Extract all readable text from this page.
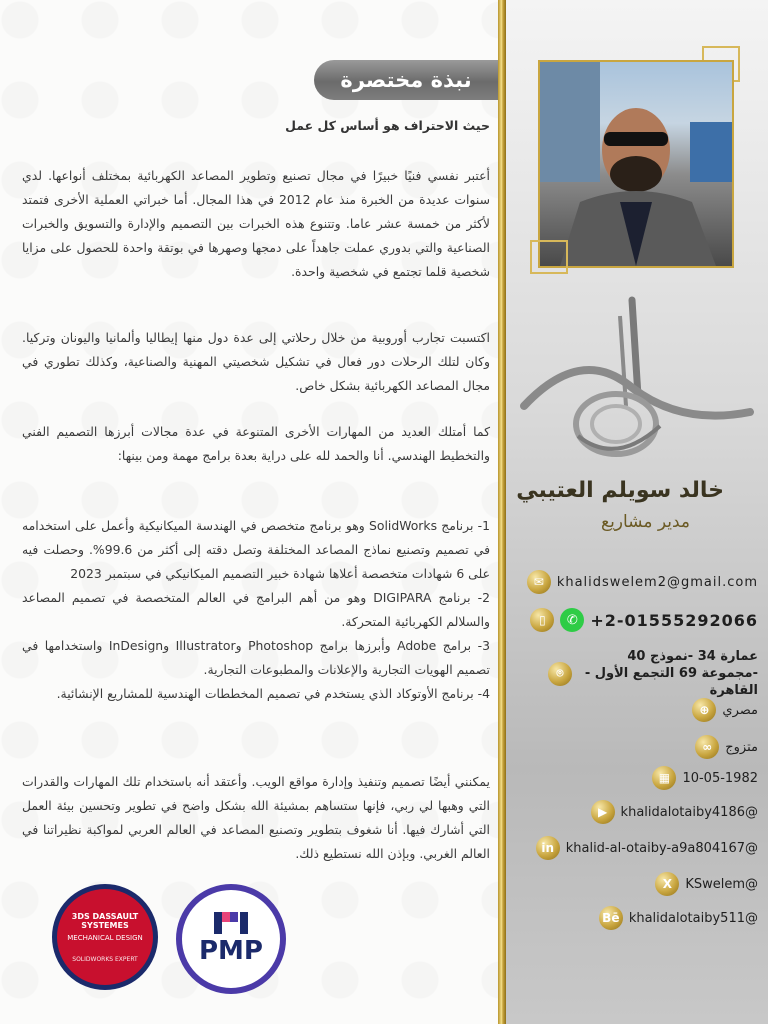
نبذة مختصرة
حيث الاحتراف هو أساس كل عمل
أعتبر نفسي فنيًا خبيرًا في مجال تصنيع وتطوير المصاعد الكهربائية بمختلف أنواعها. لدي سنوات عديدة من الخبرة منذ عام 2012 في هذا المجال. أما خبراتي العملية الأخرى فتمتد لأكثر من خمسة عشر عاما. وتتنوع هذه الخبرات بين التصميم والإدارة والتسويق والخبرات الصناعية والتي بدوري عملت جاهداً على دمجها وصهرها في بوتقة واحدة للحصول على مزايا شخصية قلما تجتمع في شخصية واحدة.
اكتسبت تجارب أوروبية من خلال رحلاتي إلى عدة دول منها إيطاليا وألمانيا واليونان وتركيا. وكان لتلك الرحلات دور فعال في تشكيل شخصيتي المهنية والصناعية، وكذلك تطوري في مجال المصاعد الكهربائية بشكل خاص.
كما أمتلك العديد من المهارات الأخرى المتنوعة في عدة مجالات أبرزها التصميم الفني والتخطيط الهندسي. أنا والحمد لله على دراية بعدة برامج مهمة ومن بينها:
1- برنامج SolidWorks وهو برنامج متخصص في الهندسة الميكانيكية وأعمل على استخدامه في تصميم وتصنيع نماذج المصاعد المختلفة وتصل دقته إلى أكثر من 99.6%. وحصلت فيه على 6 شهادات متخصصة أعلاها شهادة خبير التصميم الميكانيكي في سبتمبر 2023
2- برنامج DIGIPARA وهو من أهم البرامج في العالم المتخصصة في تصميم المصاعد والسلالم الكهربائية المتحركة.
3- برامج Adobe وأبرزها برامج Photoshop وIllustrator وInDesign واستخدامها في تصميم الهويات التجارية والإعلانات والمطبوعات التجارية.
4- برنامج الأوتوكاد الذي يستخدم في تصميم المخططات الهندسية للمشاريع الإنشائية.
يمكنني أيضًا تصميم وتنفيذ وإدارة مواقع الويب. وأعتقد أنه باستخدام تلك المهارات والقدرات التي وهبها لي ربي، فإنها ستساهم بمشيئة الله بشكل واضح في تطوير وتحسين بيئة العمل التي أشارك فيها. أنا شغوف بتطوير وتصنيع المصاعد في العالم العربي لمواكبة نظيراتنا في العالم الغربي. وبإذن الله نستطيع ذلك.
3DS DASSAULT SYSTEMES
MECHANICAL DESIGN
SOLIDWORKS EXPERT PMP
خالد سويلم العتيبي
مدير مشاريع
✉ khalidswelem2@gmail.com
▯	✆ +2-01555292066
⌾
عمارة 34 -نموذج 40 -مجموعة 69 التجمع الأول - القاهرة
⊕ مصري
∞	متزوج
▦ 10-05-1982
▶	@khalidalotaiby4186
in @khalid-al-otaiby-a9a804167
X	@KSwelem
Bē @khalidalotaiby511
